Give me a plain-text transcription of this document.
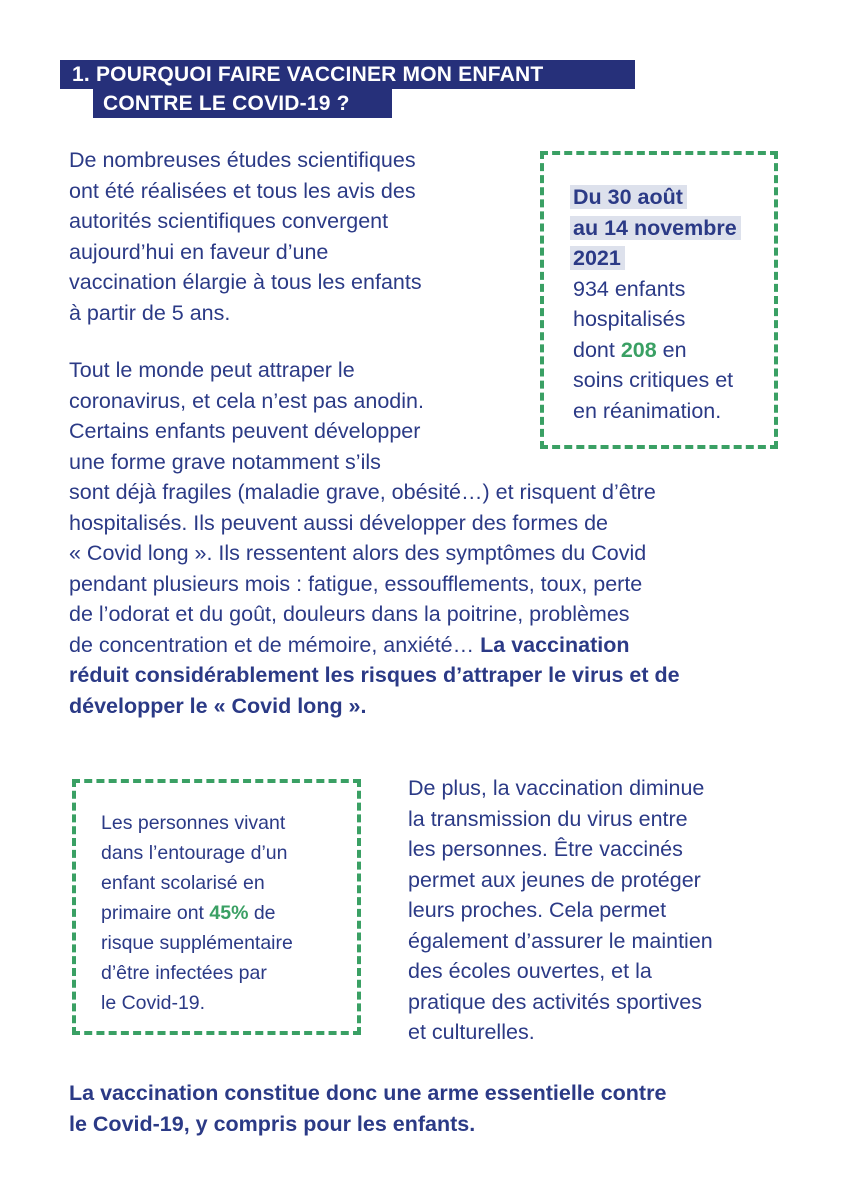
1. POURQUOI FAIRE VACCINER MON ENFANT
CONTRE LE COVID-19 ?
De nombreuses études scientifiques
ont été réalisées et tous les avis des
autorités scientifiques convergent
aujourd’hui en faveur d’une
vaccination élargie à tous les enfants
à partir de 5 ans.
Du 30 août
au 14 novembre
2021
934 enfants
hospitalisés
dont 208 en
soins critiques et
en réanimation.
Tout le monde peut attraper le
coronavirus, et cela n’est pas anodin.
Certains enfants peuvent développer
une forme grave notamment s’ils
sont déjà fragiles (maladie grave, obésité…) et risquent d’être
hospitalisés. Ils peuvent aussi développer des formes de
« Covid long ». Ils ressentent alors des symptômes du Covid
pendant plusieurs mois : fatigue, essoufflements, toux, perte
de l’odorat et du goût, douleurs dans la poitrine, problèmes
de concentration et de mémoire, anxiété… La vaccination
réduit considérablement les risques d’attraper le virus et de
développer le « Covid long ».
Les personnes vivant
dans l’entourage d’un
enfant scolarisé en
primaire ont 45% de
risque supplémentaire
d’être infectées par
le Covid-19.
De plus, la vaccination diminue
la transmission du virus entre
les personnes. Être vaccinés
permet aux jeunes de protéger
leurs proches. Cela permet
également d’assurer le maintien
des écoles ouvertes, et la
pratique des activités sportives
et culturelles.
La vaccination constitue donc une arme essentielle contre
le Covid-19, y compris pour les enfants.
